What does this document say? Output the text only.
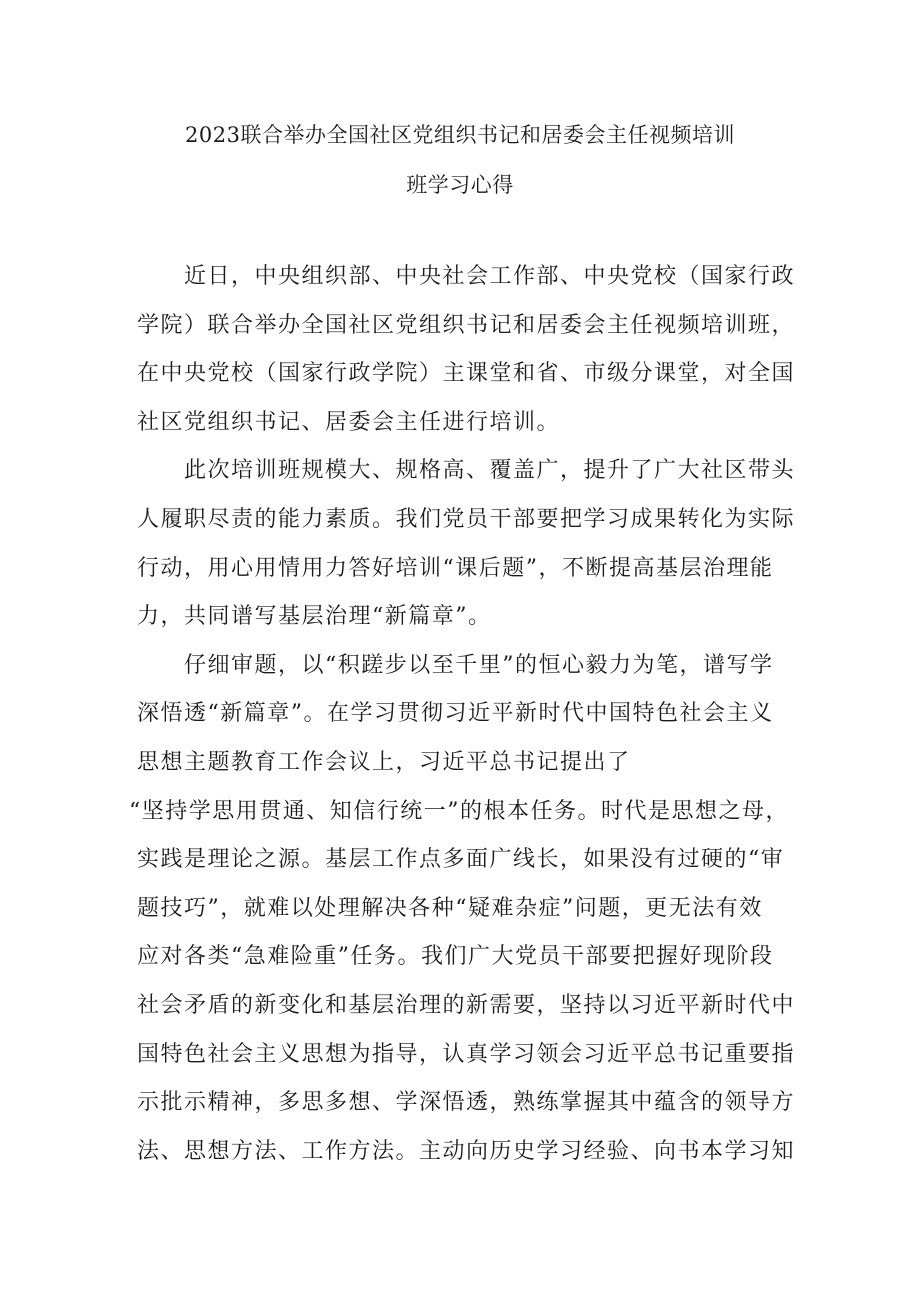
2023联合举办全国社区党组织书记和居委会主任视频培训
班学习心得

近日，中央组织部、中央社会工作部、中央党校（国家行政
学院）联合举办全国社区党组织书记和居委会主任视频培训班，
在中央党校（国家行政学院）主课堂和省、市级分课堂，对全国
社区党组织书记、居委会主任进行培训。

此次培训班规模大、规格高、覆盖广，提升了广大社区带头
人履职尽责的能力素质。我们党员干部要把学习成果转化为实际
行动，用心用情用力答好培训“课后题”，不断提高基层治理能
力，共同谱写基层治理“新篇章”。

仔细审题，以“积蹉步以至千里”的恒心毅力为笔，谱写学
深悟透“新篇章”。在学习贯彻习近平新时代中国特色社会主义
思想主题教育工作会议上，习近平总书记提出了
“坚持学思用贯通、知信行统一”的根本任务。时代是思想之母，
实践是理论之源。基层工作点多面广线长，如果没有过硬的“审
题技巧”，就难以处理解决各种“疑难杂症”问题，更无法有效
应对各类“急难险重”任务。我们广大党员干部要把握好现阶段
社会矛盾的新变化和基层治理的新需要，坚持以习近平新时代中
国特色社会主义思想为指导，认真学习领会习近平总书记重要指
示批示精神，多思多想、学深悟透，熟练掌握其中蕴含的领导方
法、思想方法、工作方法。主动向历史学习经验、向书本学习知
